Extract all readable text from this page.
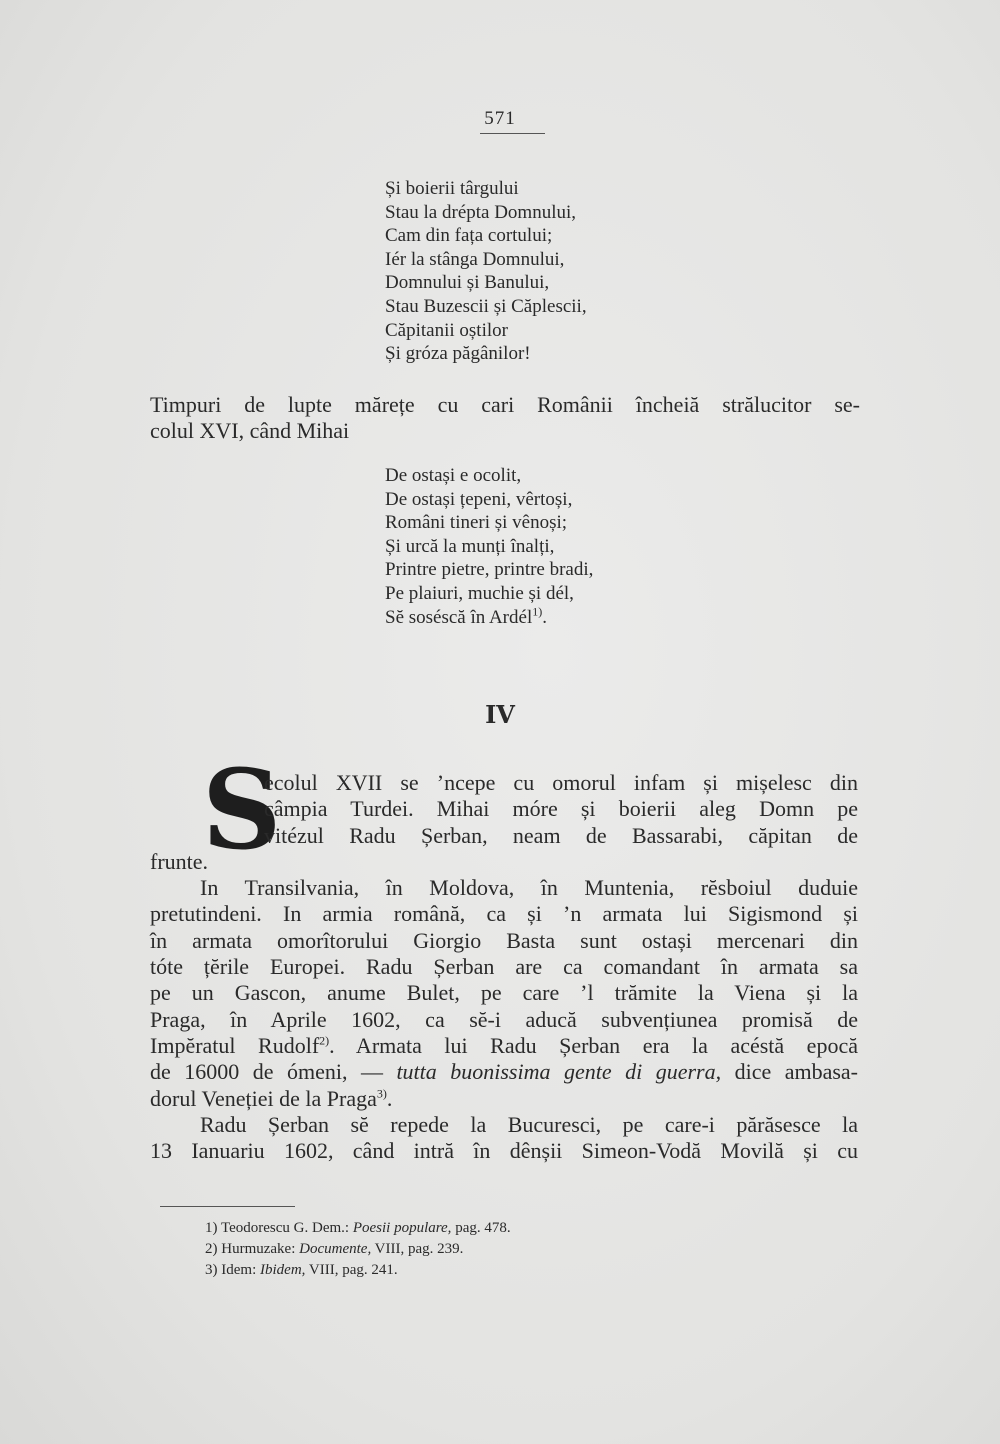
571
Și boierii târgului
Stau la drépta Domnului,
Cam din fața cortului;
Iér la stânga Domnului,
Domnului și Banului,
Stau Buzescii și Căplescii,
Căpitanii oștilor
Și gróza păgânilor!
Timpuri de lupte mărețe cu cari Românii încheiă strălucitor se-
colul XVI, când Mihai
De ostași e ocolit,
De ostași țepeni, vêrtoși,
Români tineri și vênoși;
Și urcă la munți înalți,
Printre pietre, printre bradi,
Pe plaiuri, muchie și dél,
Sĕ soséscă în Ardél$^{1)}$.
IV
S
ecolul XVII se ’ncepe cu omorul infam și mișelesc din
câmpia Turdei. Mihai móre și boierii aleg Domn pe
vitézul Radu Șerban, neam de Bassarabi, căpitan de
frunte.
In Transilvania, în Moldova, în Muntenia, rĕsboiul duduie
pretutindeni. In armia română, ca și ’n armata lui Sigismond și
în armata omorîtorului Giorgio Basta sunt ostași mercenari din
tóte țĕrile Europei. Radu Șerban are ca comandant în armata sa
pe un Gascon, anume Bulet, pe care ’l trămite la Viena și la
Praga, în Aprile 1602, ca sĕ-i aducă subvențiunea promisă de
Impĕratul Rudolf$^{2)}$. Armata lui Radu Șerban era la acéstă epocă
de 16000 de ómeni, — tutta buonissima gente di guerra, dice ambasa-
dorul Veneției de la Praga$^{3)}$.
Radu Șerban sĕ repede la Bucuresci, pe care-i părăsesce la
13 Ianuariu 1602, când intră în dênșii Simeon-Vodă Movilă și cu
1) Teodorescu G. Dem.: Poesii populare, pag. 478.
2) Hurmuzake: Documente, VIII, pag. 239.
3) Idem: Ibidem, VIII, pag. 241.
